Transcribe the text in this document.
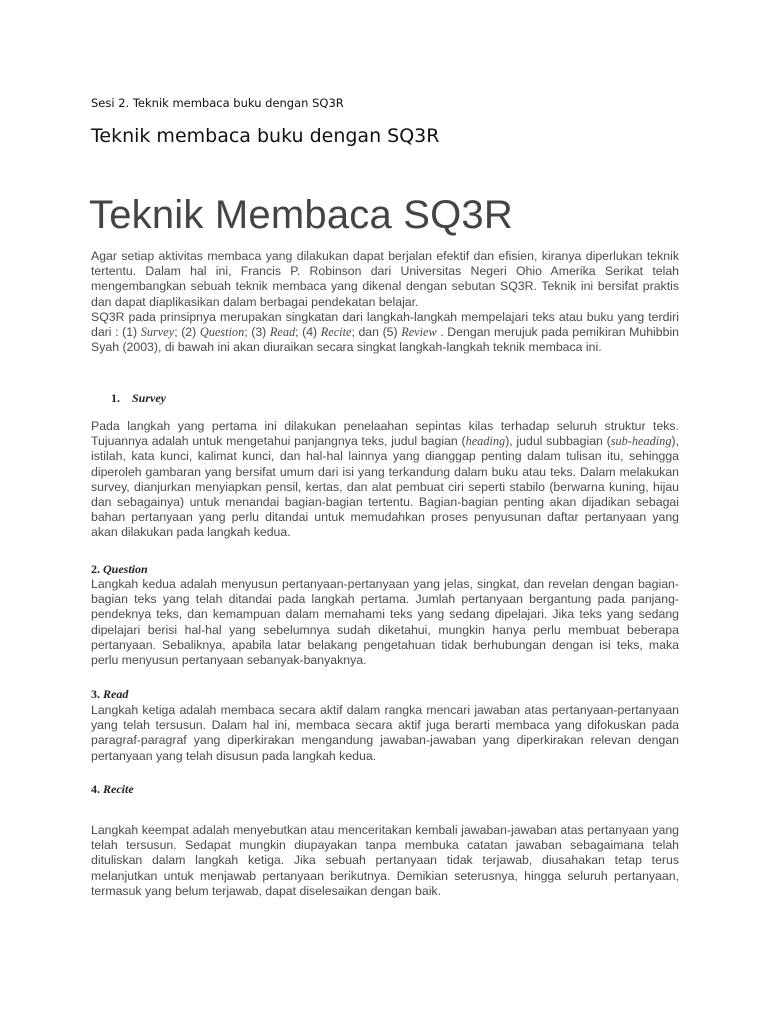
Sesi 2. Teknik membaca buku dengan SQ3R
Teknik membaca buku dengan SQ3R
Teknik Membaca SQ3R

Agar setiap aktivitas membaca yang dilakukan dapat berjalan efektif dan efisien, kiranya diperlukan teknik tertentu. Dalam hal ini, Francis P. Robinson dari Universitas Negeri Ohio Amerika Serikat telah mengembangkan sebuah teknik membaca yang dikenal dengan sebutan SQ3R. Teknik ini bersifat praktis dan dapat diaplikasikan dalam berbagai pendekatan belajar.

SQ3R pada prinsipnya merupakan singkatan dari langkah-langkah mempelajari teks atau buku yang terdiri dari : (1) Survey; (2) Question; (3) Read; (4) Recite; dan (5) Review . Dengan merujuk pada pemikiran Muhibbin Syah (2003), di bawah ini akan diuraikan secara singkat langkah-langkah teknik membaca ini.

1. Survey

Pada langkah yang pertama ini dilakukan penelaahan sepintas kilas terhadap seluruh struktur teks. Tujuannya adalah untuk mengetahui panjangnya teks, judul bagian (heading), judul subbagian (sub-heading), istilah, kata kunci, kalimat kunci, dan hal-hal lainnya yang dianggap penting dalam tulisan itu, sehingga diperoleh gambaran yang bersifat umum dari isi yang terkandung dalam buku atau teks. Dalam melakukan survey, dianjurkan menyiapkan pensil, kertas, dan alat pembuat ciri seperti stabilo (berwarna kuning, hijau dan sebagainya) untuk menandai bagian-bagian tertentu. Bagian-bagian penting akan dijadikan sebagai bahan pertanyaan yang perlu ditandai untuk memudahkan proses penyusunan daftar pertanyaan yang akan dilakukan pada langkah kedua.

2. Question

Langkah kedua adalah menyusun pertanyaan-pertanyaan yang jelas, singkat, dan revelan dengan bagian-bagian teks yang telah ditandai pada langkah pertama. Jumlah pertanyaan bergantung pada panjang-pendeknya teks, dan kemampuan dalam memahami teks yang sedang dipelajari. Jika teks yang sedang dipelajari berisi hal-hal yang sebelumnya sudah diketahui, mungkin hanya perlu membuat beberapa pertanyaan. Sebaliknya, apabila latar belakang pengetahuan tidak berhubungan dengan isi teks, maka perlu menyusun pertanyaan sebanyak-banyaknya.

3. Read

Langkah ketiga adalah membaca secara aktif dalam rangka mencari jawaban atas pertanyaan-pertanyaan yang telah tersusun. Dalam hal ini, membaca secara aktif juga berarti membaca yang difokuskan pada paragraf-paragraf yang diperkirakan mengandung jawaban-jawaban yang diperkirakan relevan dengan pertanyaan yang telah disusun pada langkah kedua.

4. Recite

Langkah keempat adalah menyebutkan atau menceritakan kembali jawaban-jawaban atas pertanyaan yang telah tersusun. Sedapat mungkin diupayakan tanpa membuka catatan jawaban sebagaimana telah dituliskan dalam langkah ketiga. Jika sebuah pertanyaan tidak terjawab, diusahakan tetap terus melanjutkan untuk menjawab pertanyaan berikutnya. Demikian seterusnya, hingga seluruh pertanyaan, termasuk yang belum terjawab, dapat diselesaikan dengan baik.
